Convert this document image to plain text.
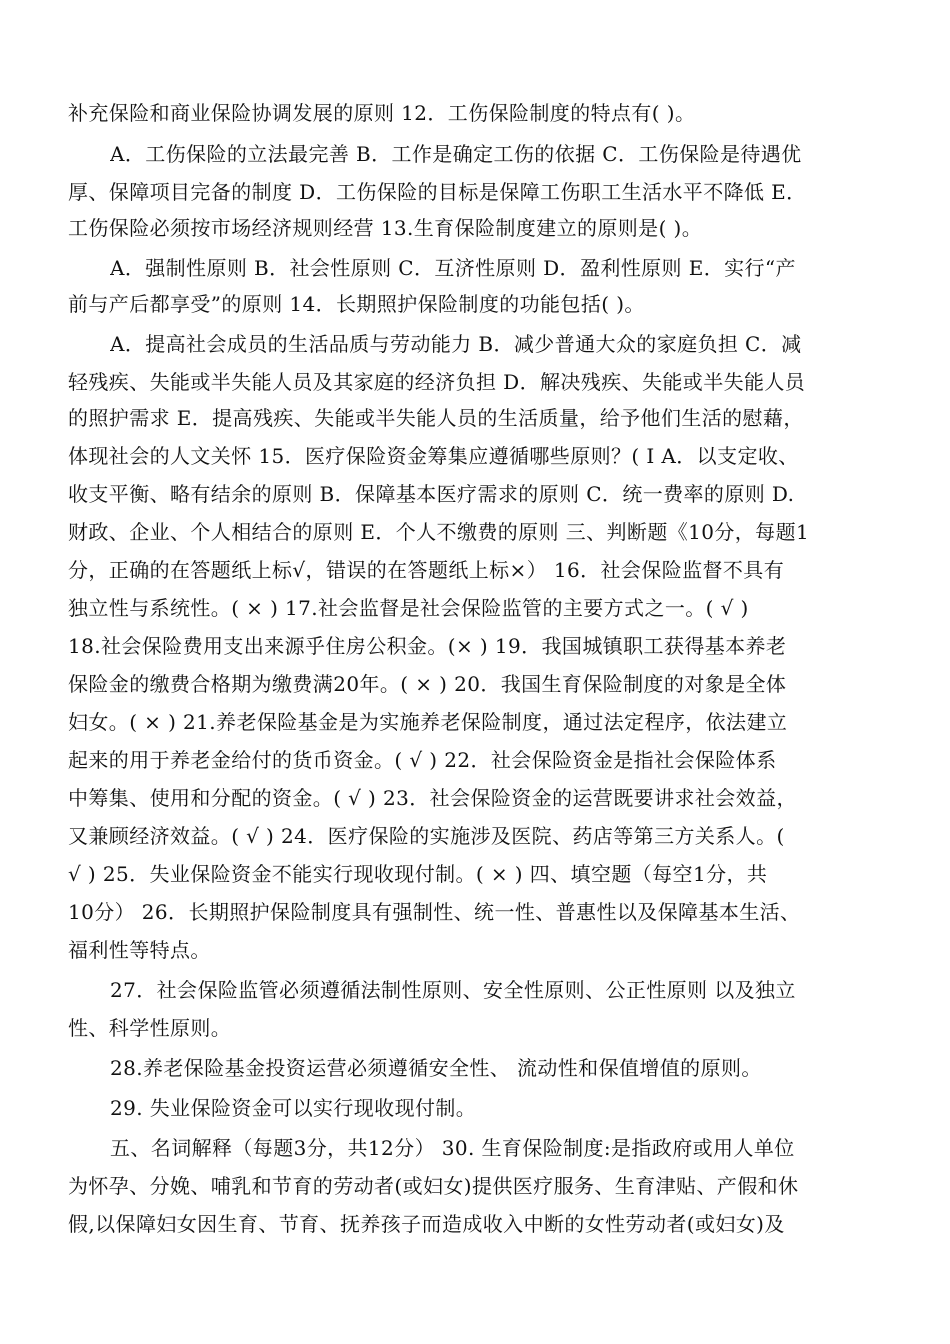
补充保险和商业保险协调发展的原则 12．工伤保险制度的特点有( )。
A．工伤保险的立法最完善 B．工作是确定工伤的依据 C．工伤保险是待遇优
厚、保障项目完备的制度 D．工伤保险的目标是保障工伤职工生活水平不降低 E．
工伤保险必须按市场经济规则经营 13.生育保险制度建立的原则是( )。
A．强制性原则 B．社会性原则 C．互济性原则 D．盈利性原则 E．实行“产
前与产后都享受”的原则 14．长期照护保险制度的功能包括( )。
A．提高社会成员的生活品质与劳动能力 B．减少普通大众的家庭负担 C．减
轻残疾、失能或半失能人员及其家庭的经济负担 D．解决残疾、失能或半失能人员
的照护需求 E．提高残疾、失能或半失能人员的生活质量，给予他们生活的慰藉，
体现社会的人文关怀 15．医疗保险资金筹集应遵循哪些原则？( I A．以支定收、
收支平衡、略有结余的原则 B．保障基本医疗需求的原则 C．统一费率的原则 D.
财政、企业、个人相结合的原则 E．个人不缴费的原则 三、判断题《10分，每题1
分，正确的在答题纸上标√，错误的在答题纸上标×） 16．社会保险监督不具有
独立性与系统性。( × ) 17.社会监督是社会保险监管的主要方式之一。( √ )
18.社会保险费用支出来源乎住房公积金。(× ) 19．我国城镇职工获得基本养老
保险金的缴费合格期为缴费满20年。( × ) 20．我国生育保险制度的对象是全体
妇女。( × ) 21.养老保险基金是为实施养老保险制度，通过法定程序，依法建立
起来的用于养老金给付的货币资金。( √ ) 22．社会保险资金是指社会保险体系
中筹集、使用和分配的资金。( √ ) 23．社会保险资金的运营既要讲求社会效益，
又兼顾经济效益。( √ ) 24．医疗保险的实施涉及医院、药店等第三方关系人。(
√ ) 25．失业保险资金不能实行现收现付制。( × ) 四、填空题（每空1分，共
10分） 26．长期照护保险制度具有强制性、统一性、普惠性以及保障基本生活、
福利性等特点。
27．社会保险监管必须遵循法制性原则、安全性原则、公正性原则 以及独立
性、科学性原则。
28.养老保险基金投资运营必须遵循安全性、 流动性和保值增值的原则。
29. 失业保险资金可以实行现收现付制。
五、名词解释（每题3分，共12分） 30. 生育保险制度:是指政府或用人单位
为怀孕、分娩、哺乳和节育的劳动者(或妇女)提供医疗服务、生育津贴、产假和休
假,以保障妇女因生育、节育、抚养孩子而造成收入中断的女性劳动者(或妇女)及
